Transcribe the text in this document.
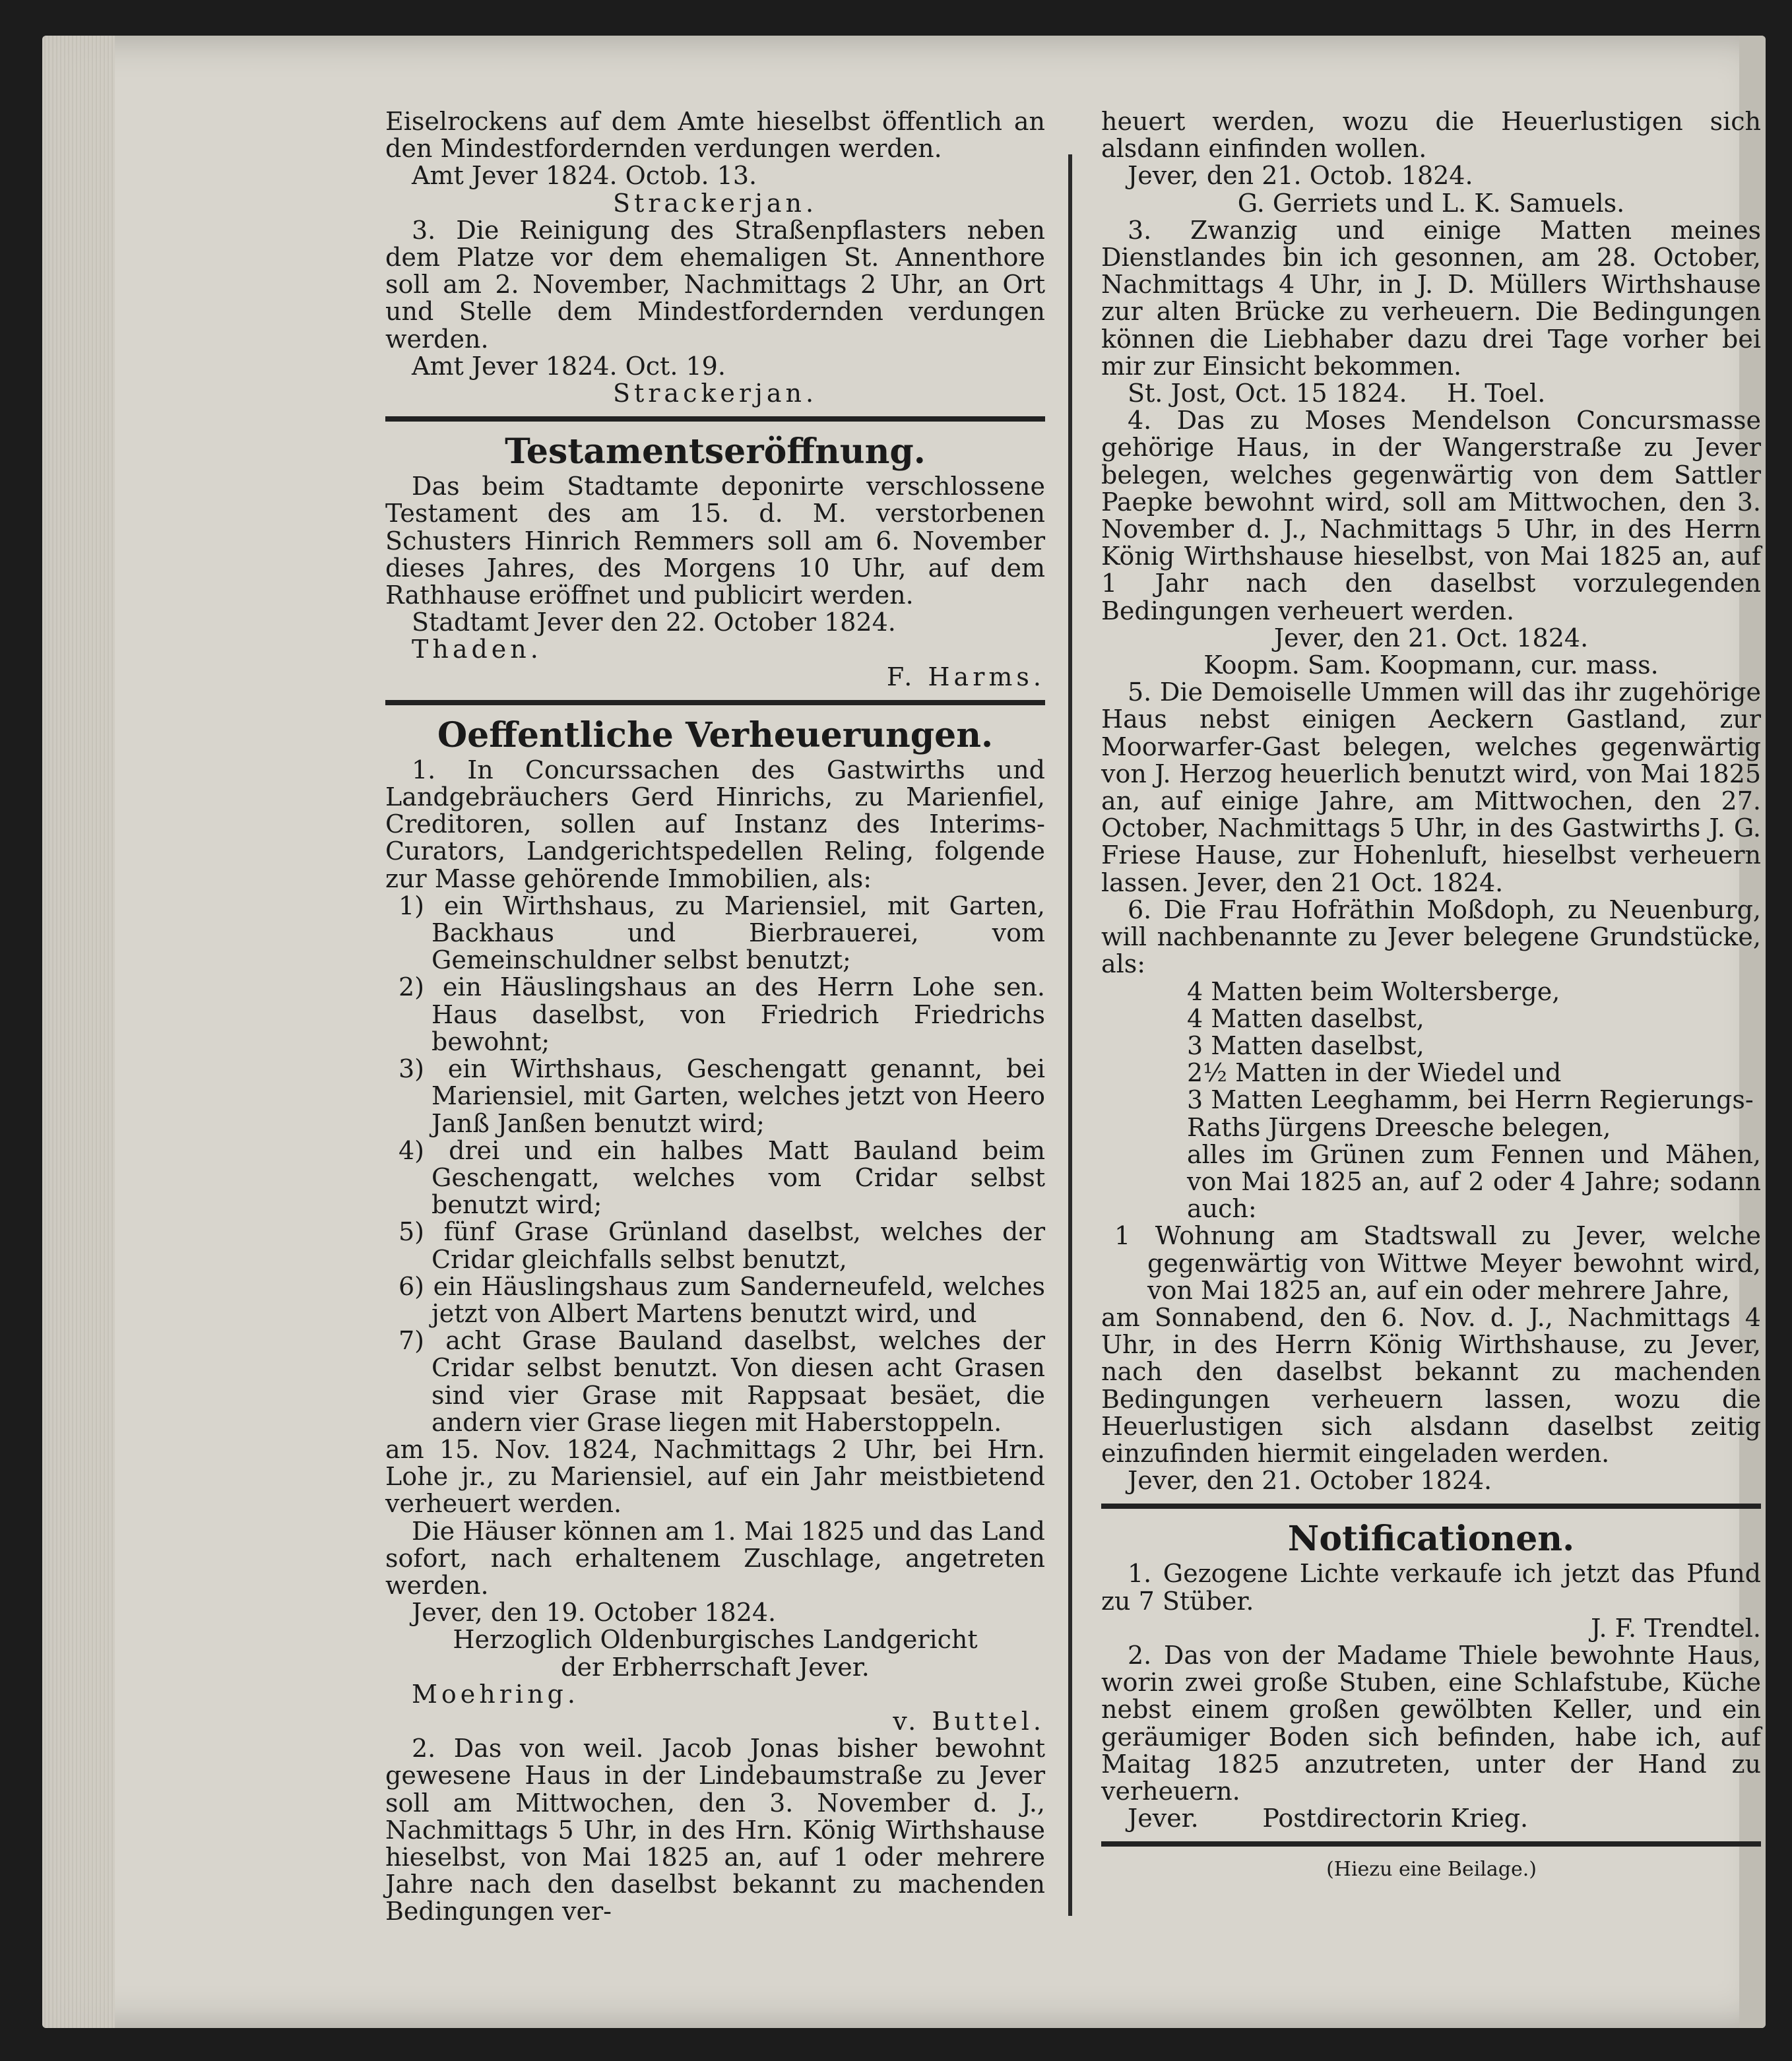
Eiselrockens auf dem Amte hieselbst öffentlich an den Mindestfordernden verdungen werden.

Amt Jever 1824. Octob. 13.

Strackerjan.

3. Die Reinigung des Straßenpflasters neben dem Platze vor dem ehemaligen St. Annenthore soll am 2. November, Nachmittags 2 Uhr, an Ort und Stelle dem Mindestfordernden verdungen werden.

Amt Jever 1824. Oct. 19.

Strackerjan.

Testamentseröffnung.

Das beim Stadtamte deponirte verschlossene Testament des am 15. d. M. verstorbenen Schusters Hinrich Remmers soll am 6. November dieses Jahres, des Morgens 10 Uhr, auf dem Rathhause eröffnet und publicirt werden.

Stadtamt Jever den 22. October 1824.

Thaden.

F. Harms.

Oeffentliche Verheuerungen.

1. In Concurssachen des Gastwirths und Landgebräuchers Gerd Hinrichs, zu Marienfiel, Creditoren, sollen auf Instanz des Interims-Curators, Landgerichtspedellen Reling, folgende zur Masse gehörende Immobilien, als:

1) ein Wirthshaus, zu Mariensiel, mit Garten, Backhaus und Bierbrauerei, vom Gemeinschuldner selbst benutzt;

2) ein Häuslingshaus an des Herrn Lohe sen. Haus daselbst, von Friedrich Friedrichs bewohnt;

3) ein Wirthshaus, Geschengatt genannt, bei Mariensiel, mit Garten, welches jetzt von Heero Janß Janßen benutzt wird;

4) drei und ein halbes Matt Bauland beim Geschengatt, welches vom Cridar selbst benutzt wird;

5) fünf Grase Grünland daselbst, welches der Cridar gleichfalls selbst benutzt,

6) ein Häuslingshaus zum Sanderneufeld, welches jetzt von Albert Martens benutzt wird, und

7) acht Grase Bauland daselbst, welches der Cridar selbst benutzt. Von diesen acht Grasen sind vier Grase mit Rappsaat besäet, die andern vier Grase liegen mit Haberstoppeln.

am 15. Nov. 1824, Nachmittags 2 Uhr, bei Hrn. Lohe jr., zu Mariensiel, auf ein Jahr meistbietend verheuert werden.

Die Häuser können am 1. Mai 1825 und das Land sofort, nach erhaltenem Zuschlage, angetreten werden.

Jever, den 19. October 1824.

Herzoglich Oldenburgisches Landgericht

der Erbherrschaft Jever.

Moehring.

v. Buttel.

2. Das von weil. Jacob Jonas bisher bewohnt gewesene Haus in der Lindebaumstraße zu Jever soll am Mittwochen, den 3. November d. J., Nachmittags 5 Uhr, in des Hrn. König Wirthshause hieselbst, von Mai 1825 an, auf 1 oder mehrere Jahre nach den daselbst bekannt zu machenden Bedingungen ver-

heuert werden, wozu die Heuerlustigen sich alsdann einfinden wollen.

Jever, den 21. Octob. 1824.

G. Gerriets und L. K. Samuels.

3. Zwanzig und einige Matten meines Dienstlandes bin ich gesonnen, am 28. October, Nachmittags 4 Uhr, in J. D. Müllers Wirthshause zur alten Brücke zu verheuern. Die Bedingungen können die Liebhaber dazu drei Tage vorher bei mir zur Einsicht bekommen.

St. Jost, Oct. 15 1824. H. Toel.

4. Das zu Moses Mendelson Concursmasse gehörige Haus, in der Wangerstraße zu Jever belegen, welches gegenwärtig von dem Sattler Paepke bewohnt wird, soll am Mittwochen, den 3. November d. J., Nachmittags 5 Uhr, in des Herrn König Wirthshause hieselbst, von Mai 1825 an, auf 1 Jahr nach den daselbst vorzulegenden Bedingungen verheuert werden.

Jever, den 21. Oct. 1824.

Koopm. Sam. Koopmann, cur. mass.

5. Die Demoiselle Ummen will das ihr zugehörige Haus nebst einigen Aeckern Gastland, zur Moorwarfer-Gast belegen, welches gegenwärtig von J. Herzog heuerlich benutzt wird, von Mai 1825 an, auf einige Jahre, am Mittwochen, den 27. October, Nachmittags 5 Uhr, in des Gastwirths J. G. Friese Hause, zur Hohenluft, hieselbst verheuern lassen. Jever, den 21 Oct. 1824.

6. Die Frau Hofräthin Moßdoph, zu Neuenburg, will nachbenannte zu Jever belegene Grundstücke, als:

4 Matten beim Woltersberge,

4 Matten daselbst,

3 Matten daselbst,

2½ Matten in der Wiedel und

3 Matten Leeghamm, bei Herrn Regierungs-Raths Jürgens Dreesche belegen,

alles im Grünen zum Fennen und Mähen, von Mai 1825 an, auf 2 oder 4 Jahre; sodann auch:

1 Wohnung am Stadtswall zu Jever, welche gegenwärtig von Wittwe Meyer bewohnt wird, von Mai 1825 an, auf ein oder mehrere Jahre,

am Sonnabend, den 6. Nov. d. J., Nachmittags 4 Uhr, in des Herrn König Wirthshause, zu Jever, nach den daselbst bekannt zu machenden Bedingungen verheuern lassen, wozu die Heuerlustigen sich alsdann daselbst zeitig einzufinden hiermit eingeladen werden.

Jever, den 21. October 1824.

Notificationen.

1. Gezogene Lichte verkaufe ich jetzt das Pfund zu 7 Stüber.

J. F. Trendtel.

2. Das von der Madame Thiele bewohnte Haus, worin zwei große Stuben, eine Schlafstube, Küche nebst einem großen gewölbten Keller, und ein geräumiger Boden sich befinden, habe ich, auf Maitag 1825 anzutreten, unter der Hand zu verheuern.

Jever.	Postdirectorin Krieg.

(Hiezu eine Beilage.)
